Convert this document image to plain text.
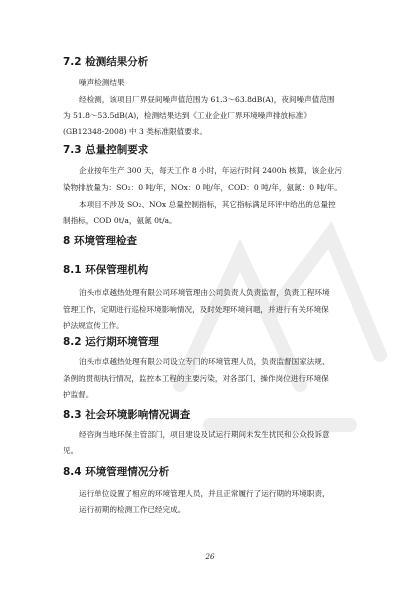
7.2 检测结果分析
噪声检测结果
经检测，该项目厂界昼间噪声值范围为 61.3～63.8dB(A)，夜间噪声值范围
为 51.8～53.5dB(A)，检测结果达到《工业企业厂界环境噪声排放标准》
(GB12348-2008) 中 3 类标准限值要求。
7.3 总量控制要求
企业按年生产 300 天，每天工作 8 小时，年运行时间 2400h 核算，该企业污
染物排放量为：SO₂：0 吨/年，NOx：0 吨/年，COD：0 吨/年，氨氮：0 吨/年。
本项目不涉及 SO₂、NOx 总量控制指标，其它指标满足环评中给出的总量控
制指标，COD 0t/a，氨氮 0t/a。
8 环境管理检查
8.1 环保管理机构
泊头市卓越热处理有限公司环境管理由公司负责人负责监督，负责工程环境
管理工作，定期进行巡检环境影响情况，及时处理环境问题，并进行有关环境保
护法规宣传工作。
8.2 运行期环境管理
泊头市卓越热处理有限公司设立专门的环境管理人员，负责监督国家法规、
条例的贯彻执行情况，监控本工程的主要污染，对各部门、操作岗位进行环境保
护监督。
8.3 社会环境影响情况调查
经咨询当地环保主管部门，项目建设及试运行期间未发生扰民和公众投诉意
见。
8.4 环境管理情况分析
运行单位设置了相应的环境管理人员，并且正常履行了运行期的环境职责，
运行初期的检测工作已经完成。
26
